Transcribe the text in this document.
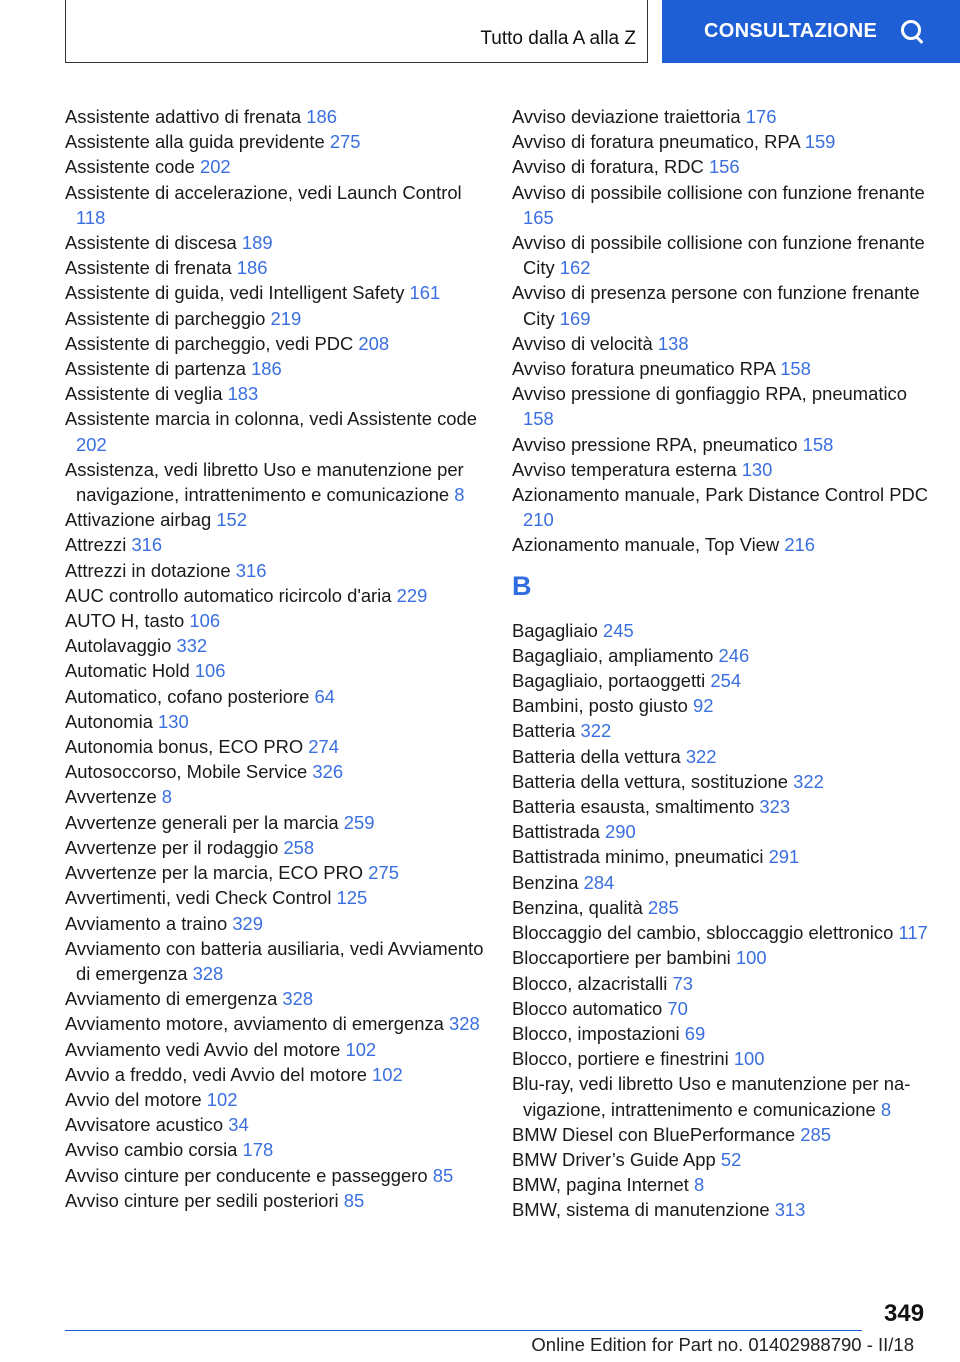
Tutto dalla A alla Z	CONSULTAZIONE
Assistente adattivo di frenata 186
Assistente alla guida previdente 275
Assistente code 202
Assistente di accelerazione, vedi Launch Control 118
Assistente di discesa 189
Assistente di frenata 186
Assistente di guida, vedi Intelligent Safety 161
Assistente di parcheggio 219
Assistente di parcheggio, vedi PDC 208
Assistente di partenza 186
Assistente di veglia 183
Assistente marcia in colonna, vedi Assistente code 202
Assistenza, vedi libretto Uso e manutenzione per navigazione, intrattenimento e comunicazione 8
Attivazione airbag 152
Attrezzi 316
Attrezzi in dotazione 316
AUC controllo automatico ricircolo d'aria 229
AUTO H, tasto 106
Autolavaggio 332
Automatic Hold 106
Automatico, cofano posteriore 64
Autonomia 130
Autonomia bonus, ECO PRO 274
Autosoccorso, Mobile Service 326
Avvertenze 8
Avvertenze generali per la marcia 259
Avvertenze per il rodaggio 258
Avvertenze per la marcia, ECO PRO 275
Avvertimenti, vedi Check Control 125
Avviamento a traino 329
Avviamento con batteria ausiliaria, vedi Avviamento di emergenza 328
Avviamento di emergenza 328
Avviamento motore, avviamento di emergenza 328
Avviamento vedi Avvio del motore 102
Avvio a freddo, vedi Avvio del motore 102
Avvio del motore 102
Avvisatore acustico 34
Avviso cambio corsia 178
Avviso cinture per conducente e passeggero 85
Avviso cinture per sedili posteriori 85
Avviso deviazione traiettoria 176
Avviso di foratura pneumatico, RPA 159
Avviso di foratura, RDC 156
Avviso di possibile collisione con funzione frenante 165
Avviso di possibile collisione con funzione frenante City 162
Avviso di presenza persone con funzione frenante City 169
Avviso di velocità 138
Avviso foratura pneumatico RPA 158
Avviso pressione di gonfiaggio RPA, pneumatico 158
Avviso pressione RPA, pneumatico 158
Avviso temperatura esterna 130
Azionamento manuale, Park Distance Control PDC 210
Azionamento manuale, Top View 216
B
Bagagliaio 245
Bagagliaio, ampliamento 246
Bagagliaio, portaoggetti 254
Bambini, posto giusto 92
Batteria 322
Batteria della vettura 322
Batteria della vettura, sostituzione 322
Batteria esausta, smaltimento 323
Battistrada 290
Battistrada minimo, pneumatici 291
Benzina 284
Benzina, qualità 285
Bloccaggio del cambio, sbloccaggio elettronico 117
Bloccaportiere per bambini 100
Blocco, alzacristalli 73
Blocco automatico 70
Blocco, impostazioni 69
Blocco, portiere e finestrini 100
Blu-ray, vedi libretto Uso e manutenzione per navigazione, intrattenimento e comunicazione 8
BMW Diesel con BluePerformance 285
BMW Driver’s Guide App 52
BMW, pagina Internet 8
BMW, sistema di manutenzione 313
349
Online Edition for Part no. 01402988790 - II/18
